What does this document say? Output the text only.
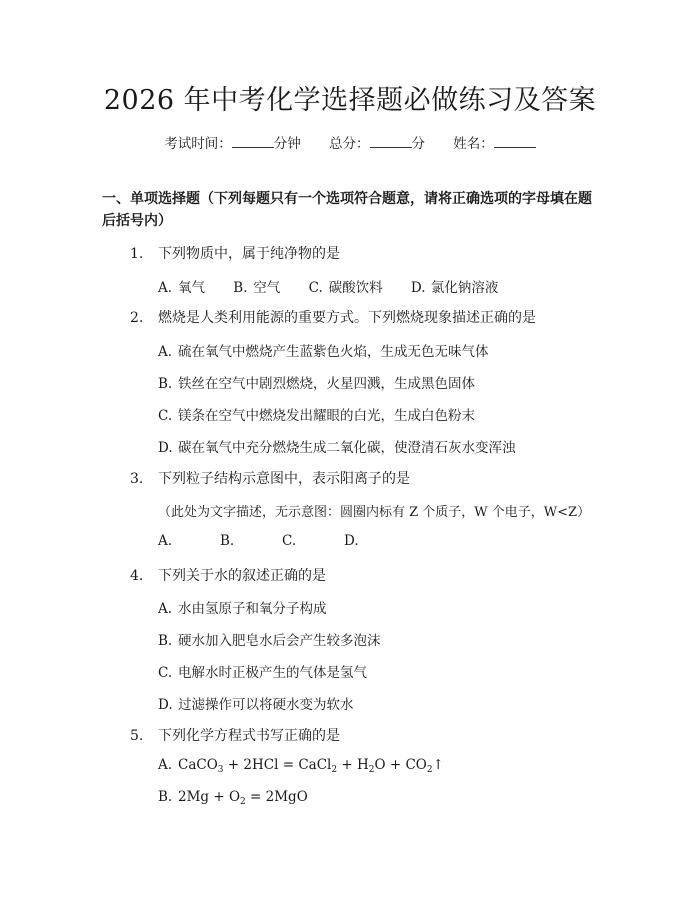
2026 年中考化学选择题必做练习及答案
考试时间：	分钟 总分：	分 姓名：
一、单项选择题（下列每题只有一个选项符合题意，请将正确选项的字母填在题
后括号内）
1. 下列物质中，属于纯净物的是
A. 氧气 B. 空气 C. 碳酸饮料 D. 氯化钠溶液
2. 燃烧是人类利用能源的重要方式。下列燃烧现象描述正确的是
A. 硫在氧气中燃烧产生蓝紫色火焰，生成无色无味气体
B. 铁丝在空气中剧烈燃烧，火星四溅，生成黑色固体
C. 镁条在空气中燃烧发出耀眼的白光，生成白色粉末
D. 碳在氧气中充分燃烧生成二氧化碳，使澄清石灰水变浑浊
3. 下列粒子结构示意图中，表示阳离子的是
（此处为文字描述，无示意图：圆圈内标有 Z 个质子，W 个电子，W<Z）
A.	B.	C.	D.
4. 下列关于水的叙述正确的是
A. 水由氢原子和氧分子构成
B. 硬水加入肥皂水后会产生较多泡沫
C. 电解水时正极产生的气体是氢气
D. 过滤操作可以将硬水变为软水
5. 下列化学方程式书写正确的是
A. CaCO$_3$ + 2HCl = CaCl$_2$ + $H_2O$ + $CO_2↑$
B. $2Mg + O_2 = 2MgO$
